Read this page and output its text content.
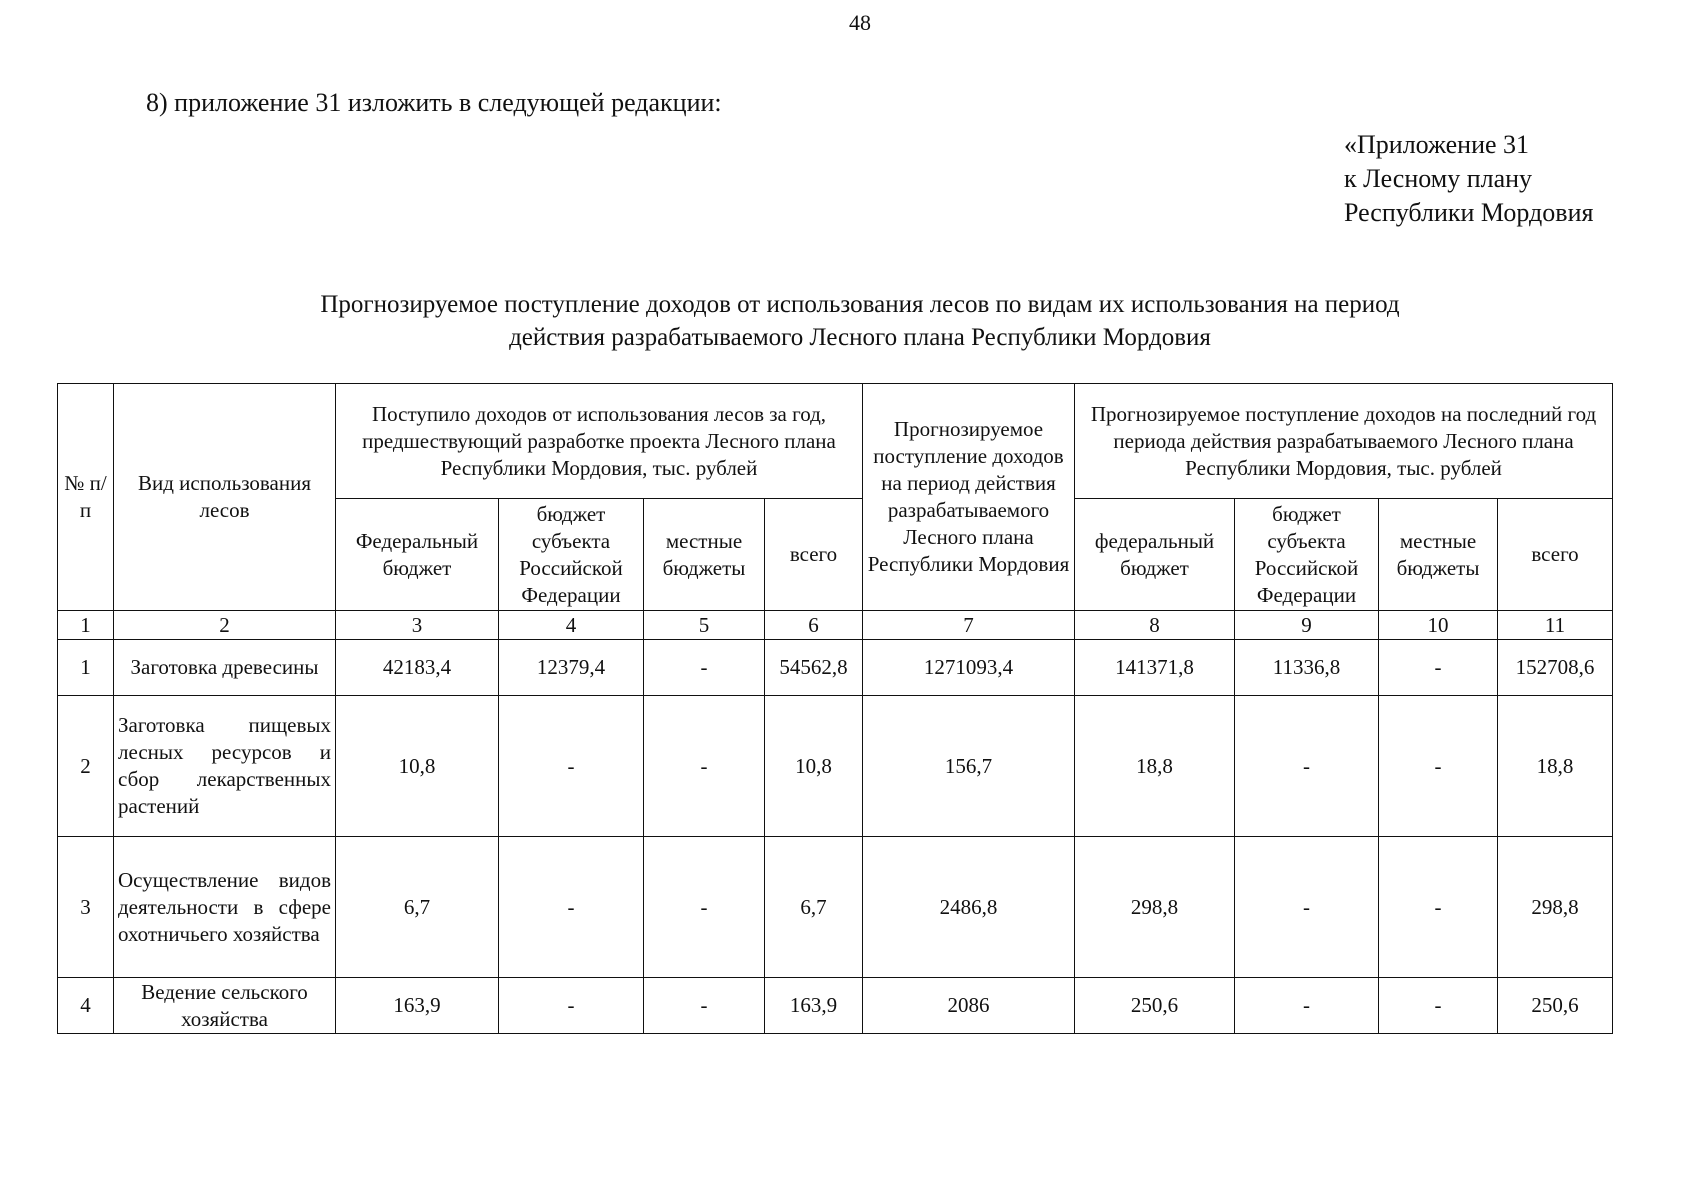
48
8) приложение 31 изложить в следующей редакции:
«Приложение 31
к Лесному плану
Республики Мордовия
Прогнозируемое поступление доходов от использования лесов по видам их использования на период
действия разрабатываемого Лесного плана Республики Мордовия
№ п/п	Вид использования лесов	Поступило доходов от использования лесов за год, предшествующий разработке проекта Лесного плана Республики Мордовия, тыс. рублей				Прогнозируемое поступление доходов на период действия разрабатываемого Лесного плана Республики Мордовия	Прогнозируемое поступление доходов на последний год периода действия разрабатываемого Лесного плана Республики Мордовия, тыс. рублей			
		Федеральный бюджет	бюджет субъекта Российской Федерации	местные бюджеты	всего		федеральный бюджет	бюджет субъекта Российской Федерации	местные бюджеты	всего
1	2	3	4	5	6	7	8	9	10	11
1	Заготовка древесины	42183,4	12379,4	-	54562,8	1271093,4	141371,8	11336,8	-	152708,6
2	Заготовка пищевых лесных ресурсов и сбор лекарственных растений	10,8	-	-	10,8	156,7	18,8	-	-	18,8
3	Осуществление видов деятельности в сфере охотничьего хозяйства	6,7	-	-	6,7	2486,8	298,8	-	-	298,8
4	Ведение сельского хозяйства	163,9	-	-	163,9	2086	250,6	-	-	250,6
